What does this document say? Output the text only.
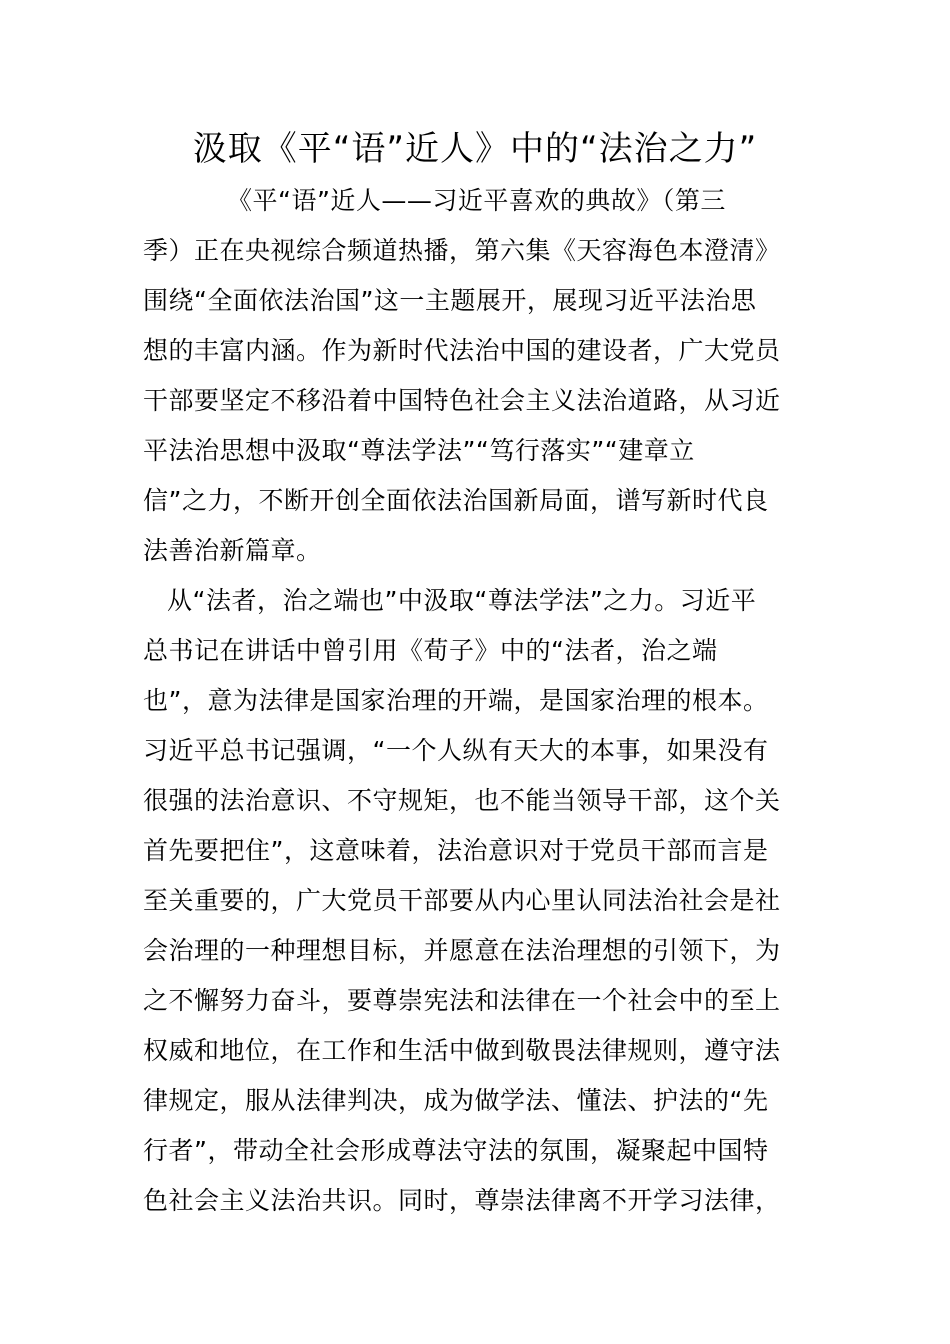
汲取《平“语”近人》中的“法治之力”
《平“语”近人——习近平喜欢的典故》（第三
季）正在央视综合频道热播，第六集《天容海色本澄清》
围绕“全面依法治国”这一主题展开，展现习近平法治思
想的丰富内涵。作为新时代法治中国的建设者，广大党员
干部要坚定不移沿着中国特色社会主义法治道路，从习近
平法治思想中汲取“尊法学法”“笃行落实”“建章立
信”之力，不断开创全面依法治国新局面，谱写新时代良
法善治新篇章。
从“法者，治之端也”中汲取“尊法学法”之力。习近平
总书记在讲话中曾引用《荀子》中的“法者，治之端
也”，意为法律是国家治理的开端，是国家治理的根本。
习近平总书记强调，“一个人纵有天大的本事，如果没有
很强的法治意识、不守规矩，也不能当领导干部，这个关
首先要把住”，这意味着，法治意识对于党员干部而言是
至关重要的，广大党员干部要从内心里认同法治社会是社
会治理的一种理想目标，并愿意在法治理想的引领下，为
之不懈努力奋斗，要尊崇宪法和法律在一个社会中的至上
权威和地位，在工作和生活中做到敬畏法律规则，遵守法
律规定，服从法律判决，成为做学法、懂法、护法的“先
行者”，带动全社会形成尊法守法的氛围，凝聚起中国特
色社会主义法治共识。同时，尊崇法律离不开学习法律，
